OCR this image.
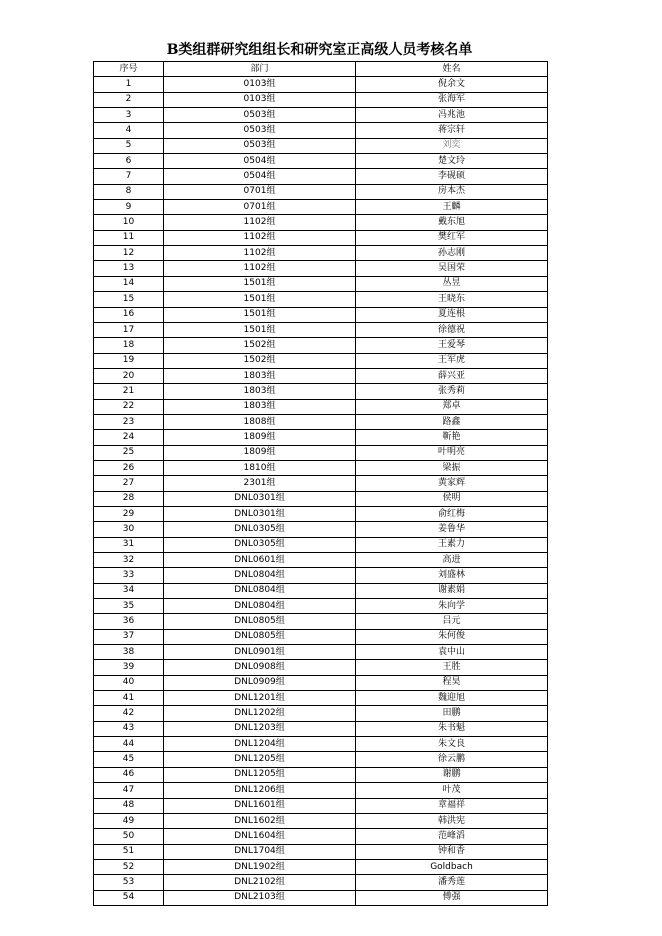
B类组群研究组组长和研究室正高级人员考核名单
序号	部门	姓名
1	0103组	倪余文
2	0103组	张海军
3	0503组	冯兆池
4	0503组	蒋宗轩
5	0503组	刘奕
6	0504组	楚文玲
7	0504组	李砚硕
8	0701组	房本杰
9	0701组	王麟
10	1102组	戴东旭
11	1102组	樊红军
12	1102组	孙志刚
13	1102组	吴国荣
14	1501组	丛昱
15	1501组	王晓东
16	1501组	夏连根
17	1501组	徐德祝
18	1502组	王爱琴
19	1502组	王军虎
20	1803组	薛兴亚
21	1803组	张秀莉
22	1803组	郑卓
23	1808组	路鑫
24	1809组	靳艳
25	1809组	叶明亮
26	1810组	梁振
27	2301组	黄家辉
28	DNL0301组	侯明
29	DNL0301组	俞红梅
30	DNL0305组	姜鲁华
31	DNL0305组	王素力
32	DNL0601组	高进
33	DNL0804组	刘盛林
34	DNL0804组	谢素娟
35	DNL0804组	朱向学
36	DNL0805组	吕元
37	DNL0805组	朱何俊
38	DNL0901组	袁中山
39	DNL0908组	王胜
40	DNL0909组	程昊
41	DNL1201组	魏迎旭
42	DNL1202组	田鹏
43	DNL1203组	朱书魁
44	DNL1204组	朱文良
45	DNL1205组	徐云鹏
46	DNL1205组	谢鹏
47	DNL1206组	叶茂
48	DNL1601组	章福祥
49	DNL1602组	韩洪宪
50	DNL1604组	范峰滔
51	DNL1704组	钟和香
52	DNL1902组	Goldbach
53	DNL2102组	潘秀莲
54	DNL2103组	傅强
